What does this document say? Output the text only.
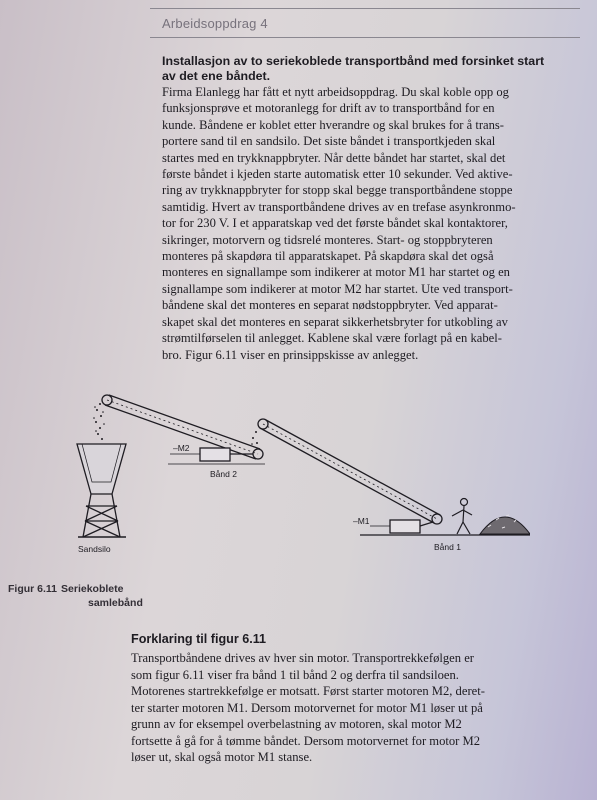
Arbeidsoppdrag 4
Installasjon av to seriekoblede transportbånd med forsinket start
av det ene båndet.
Firma Elanlegg har fått et nytt arbeidsoppdrag. Du skal koble opp og
funksjonsprøve et motoranlegg for drift av to transportbånd for en
kunde. Båndene er koblet etter hverandre og skal brukes for å trans-
portere sand til en sandsilo. Det siste båndet i transportkjeden skal
startes med en trykknappbryter. Når dette båndet har startet, skal det
første båndet i kjeden starte automatisk etter 10 sekunder. Ved aktive-
ring av trykknappbryter for stopp skal begge transportbåndene stoppe
samtidig. Hvert av transportbåndene drives av en trefase asynkronmo-
tor for 230 V. I et apparatskap ved det første båndet skal kontaktorer,
sikringer, motorvern og tidsrelé monteres. Start- og stoppbryteren
monteres på skapdøra til apparatskapet. På skapdøra skal det også
monteres en signallampe som indikerer at motor M1 har startet og en
signallampe som indikerer at motor M2 har startet. Ute ved transport-
båndene skal det monteres en separat nødstoppbryter. Ved apparat-
skapet skal det monteres en separat sikkerhetsbryter for utkobling av
strømtilførselen til anlegget. Kablene skal være forlagt på en kabel-
bro. Figur 6.11 viser en prinsippskisse av anlegget.
Sandsilo
–M2
Bånd 2
–M1
Bånd 1
Figur 6.11 Seriekoblete
samlebånd
Forklaring til figur 6.11
Transportbåndene drives av hver sin motor. Transportrekkefølgen er
som figur 6.11 viser fra bånd 1 til bånd 2 og derfra til sandsiloen.
Motorenes startrekkefølge er motsatt. Først starter motoren M2, deret-
ter starter motoren M1. Dersom motorvernet for motor M1 løser ut på
grunn av for eksempel overbelastning av motoren, skal motor M2
fortsette å gå for å tømme båndet. Dersom motorvernet for motor M2
løser ut, skal også motor M1 stanse.
